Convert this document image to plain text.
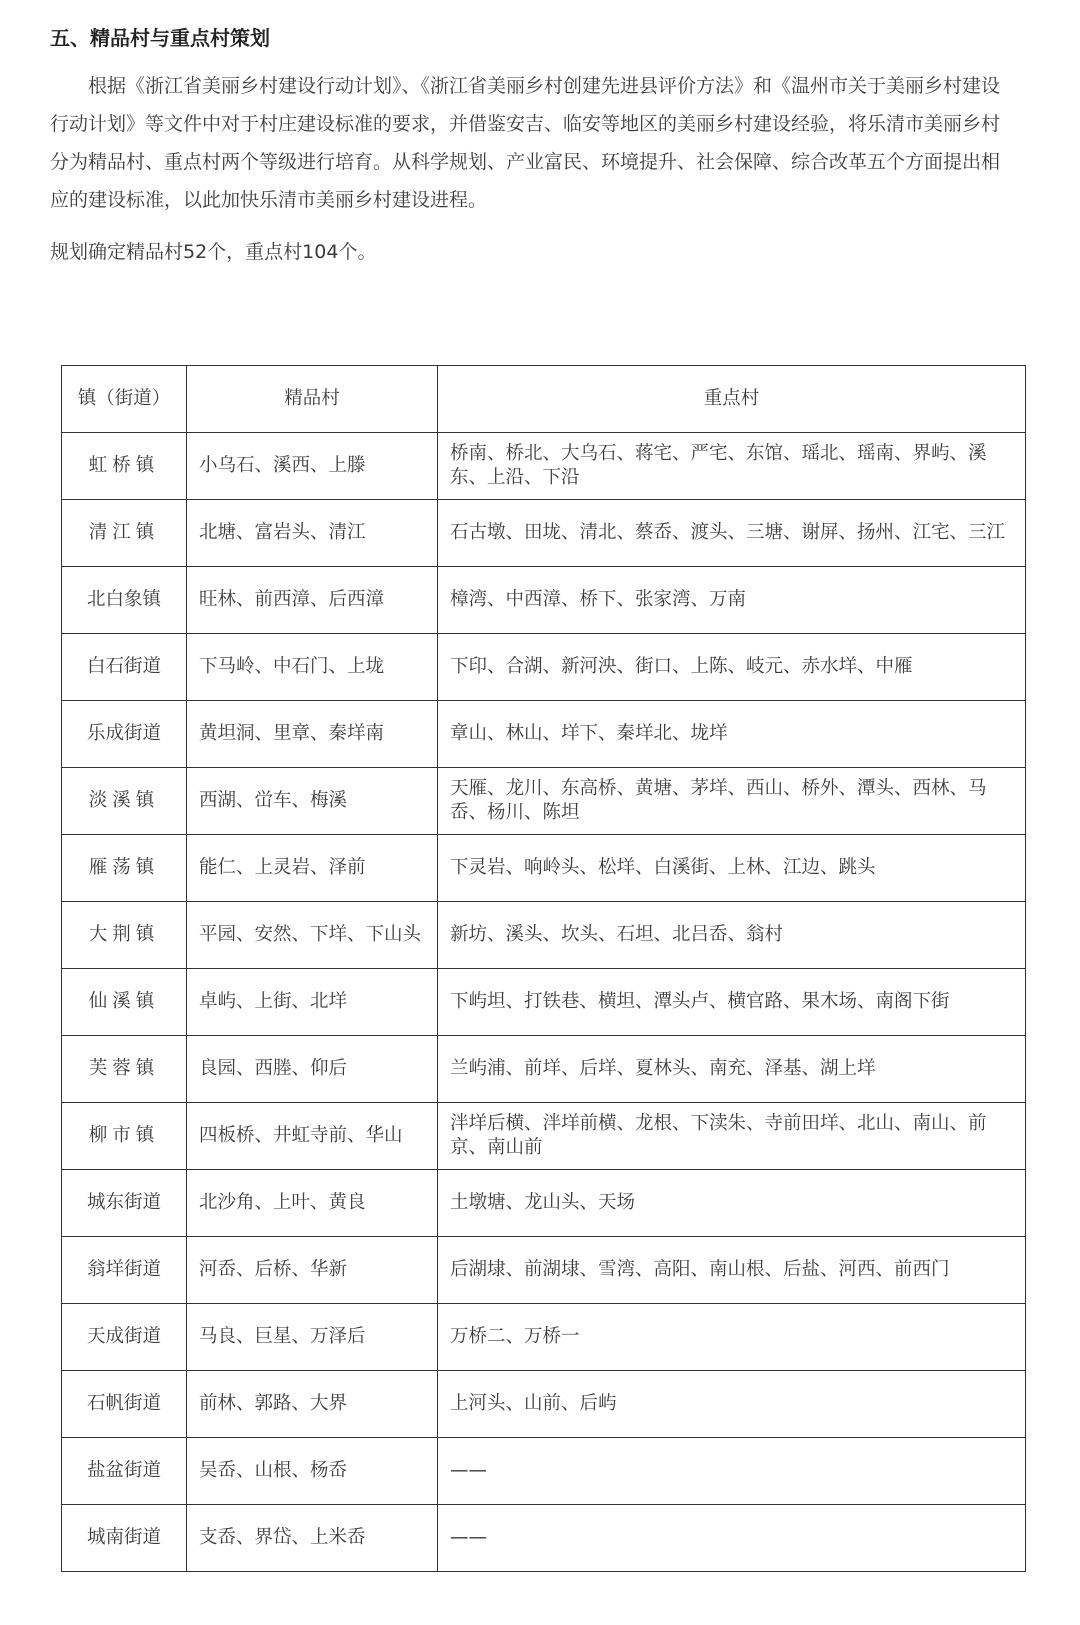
五、精品村与重点村策划

根据《浙江省美丽乡村建设行动计划》、《浙江省美丽乡村创建先进县评价方法》和《温州市关于美丽乡村建设行动计划》等文件中对于村庄建设标准的要求，并借鉴安吉、临安等地区的美丽乡村建设经验，将乐清市美丽乡村分为精品村、重点村两个等级进行培育。从科学规划、产业富民、环境提升、社会保障、综合改革五个方面提出相应的建设标准，以此加快乐清市美丽乡村建设进程。

规划确定精品村52个，重点村104个。

镇（街道）	精品村	重点村
虹桥镇	小乌石、溪西、上滕	桥南、桥北、大乌石、蒋宅、严宅、东馆、瑶北、瑶南、界屿、溪东、上沿、下沿
清江镇	北塘、富岩头、清江	石古墩、田垅、清北、蔡岙、渡头、三塘、谢屏、扬州、江宅、三江
北白象镇	旺林、前西漳、后西漳	樟湾、中西漳、桥下、张家湾、万南
白石街道	下马岭、中石门、上垅	下印、合湖、新河泱、街口、上陈、岐元、赤水垟、中雁
乐成街道	黄坦洞、里章、秦垟南	章山、林山、垟下、秦垟北、垅垟
淡溪镇	西湖、峃车、梅溪	天雁、龙川、东高桥、黄塘、茅垟、西山、桥外、潭头、西林、马岙、杨川、陈坦
雁荡镇	能仁、上灵岩、泽前	下灵岩、响岭头、松垟、白溪街、上林、江边、跳头
大荆镇	平园、安然、下垟、下山头	新坊、溪头、坎头、石坦、北吕岙、翁村
仙溪镇	卓屿、上街、北垟	下屿坦、打铁巷、横坦、潭头卢、横官路、果木场、南阁下街
芙蓉镇	良园、西塍、仰后	兰屿浦、前垟、后垟、夏林头、南充、泽基、湖上垟
柳市镇	四板桥、井虹寺前、华山	泮垟后横、泮垟前横、龙根、下渎朱、寺前田垟、北山、南山、前京、南山前
城东街道	北沙角、上叶、黄良	土墩塘、龙山头、天场
翁垟街道	河岙、后桥、华新	后湖埭、前湖埭、雪湾、高阳、南山根、后盐、河西、前西门
天成街道	马良、巨星、万泽后	万桥二、万桥一
石帆街道	前林、郭路、大界	上河头、山前、后屿
盐盆街道	吴岙、山根、杨岙	——
城南街道	支岙、界岱、上米岙	——
